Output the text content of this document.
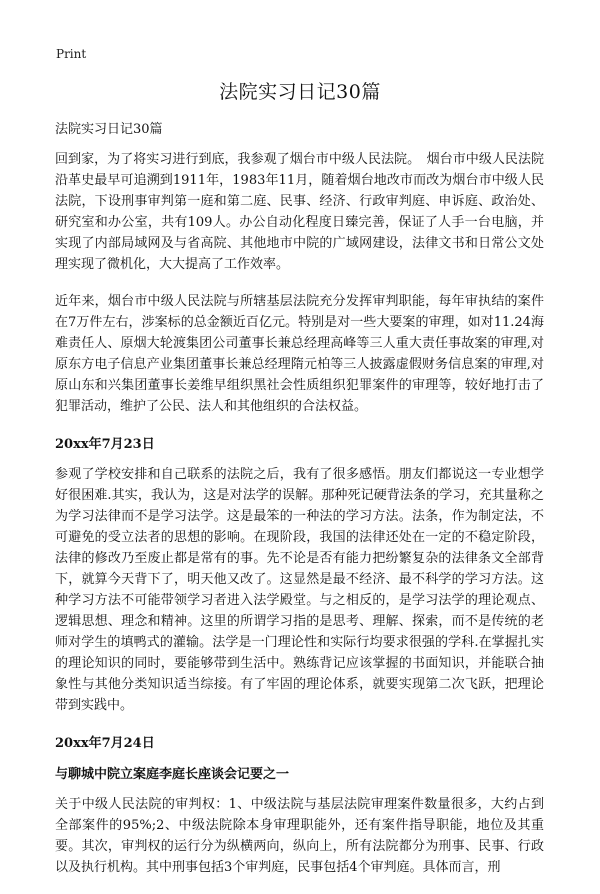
Print
法院实习日记30篇

法院实习日记30篇

回到家，为了将实习进行到底，我参观了烟台市中级人民法院。　烟台市中级人民法院沿革史最早可追溯到1911年，1983年11月，随着烟台地改市而改为烟台市中级人民法院，下设刑事审判第一庭和第二庭、民事、经济、行政审判庭、申诉庭、政治处、研究室和办公室，共有109人。办公自动化程度日臻完善，保证了人手一台电脑，并实现了内部局域网及与省高院、其他地市中院的广域网建设，法律文书和日常公文处理实现了微机化，大大提高了工作效率。

近年来，烟台市中级人民法院与所辖基层法院充分发挥审判职能，每年审执结的案件在7万件左右，涉案标的总金额近百亿元。特别是对一些大要案的审理，如对11.24海难责任人、原烟大轮渡集团公司董事长兼总经理高峰等三人重大责任事故案的审理,对原东方电子信息产业集团董事长兼总经理隋元柏等三人披露虚假财务信息案的审理,对原山东和兴集团董事长姜维早组织黑社会性质组织犯罪案件的审理等，较好地打击了犯罪活动，维护了公民、法人和其他组织的合法权益。

20xx年7月23日

参观了学校安排和自己联系的法院之后，我有了很多感悟。朋友们都说这一专业想学好很困难.其实，我认为，这是对法学的误解。那种死记硬背法条的学习，充其量称之为学习法律而不是学习法学。这是最笨的一种法的学习方法。法条，作为制定法，不可避免的受立法者的思想的影响。在现阶段，我国的法律还处在一定的不稳定阶段，法律的修改乃至废止都是常有的事。先不论是否有能力把纷繁复杂的法律条文全部背下，就算今天背下了，明天他又改了。这显然是最不经济、最不科学的学习方法。这种学习方法不可能带领学习者进入法学殿堂。与之相反的，是学习法学的理论观点、逻辑思想、理念和精神。这里的所谓学习指的是思考、理解、探索，而不是传统的老师对学生的填鸭式的灌输。法学是一门理论性和实际行均要求很强的学科.在掌握扎实的理论知识的同时，要能够带到生活中。熟练背记应该掌握的书面知识，并能联合抽象性与其他分类知识适当综接。有了牢固的理论体系，就要实现第二次飞跃，把理论带到实践中。

20xx年7月24日

与聊城中院立案庭李庭长座谈会记要之一

关于中级人民法院的审判权：1、中级法院与基层法院审理案件数量很多，大约占到全部案件的95%;2、中级法院除本身审理职能外，还有案件指导职能，地位及其重要。其次，审判权的运行分为纵横两向，纵向上，所有法院都分为刑事、民事、行政以及执行机构。其中刑事包括3个审判庭，民事包括4个审判庭。具体而言，刑
